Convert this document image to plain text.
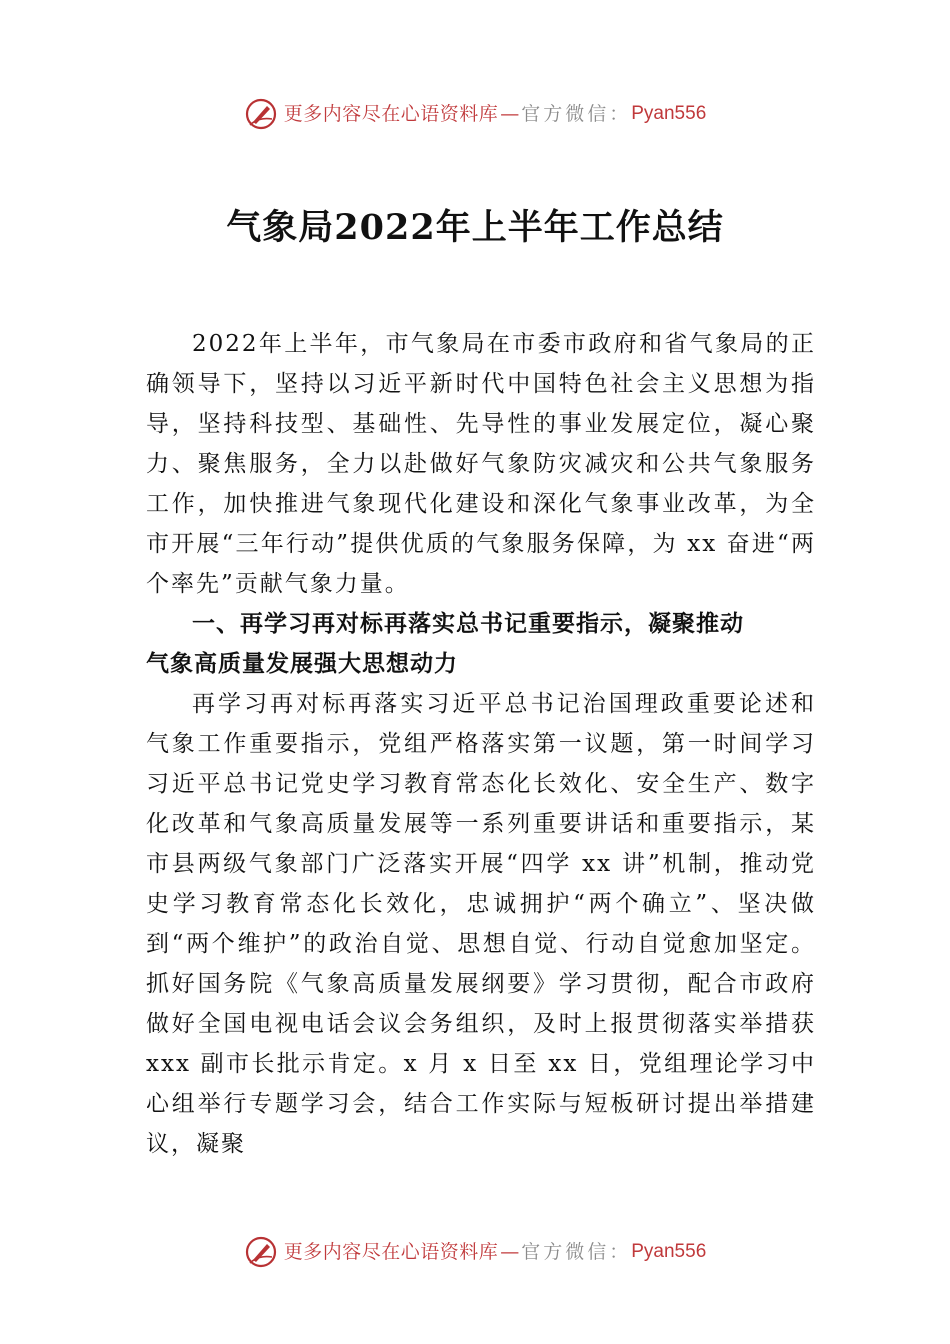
更多内容尽在心语资料库 — 官方微信： Pyan556
气象局2022年上半年工作总结

2022年上半年，市气象局在市委市政府和省气象局的正确领导下，坚持以习近平新时代中国特色社会主义思想为指导，坚持科技型、基础性、先导性的事业发展定位，凝心聚力、聚焦服务，全力以赴做好气象防灾减灾和公共气象服务工作，加快推进气象现代化建设和深化气象事业改革，为全市开展“三年行动”提供优质的气象服务保障，为 xx 奋进“两个率先”贡献气象力量。

一、再学习再对标再落实总书记重要指示，凝聚推动气象高质量发展强大思想动力

再学习再对标再落实习近平总书记治国理政重要论述和气象工作重要指示，党组严格落实第一议题，第一时间学习习近平总书记党史学习教育常态化长效化、安全生产、数字化改革和气象高质量发展等一系列重要讲话和重要指示，某市县两级气象部门广泛落实开展“四学 xx 讲”机制，推动党史学习教育常态化长效化，忠诚拥护“两个确立”、坚决做到“两个维护”的政治自觉、思想自觉、行动自觉愈加坚定。抓好国务院《气象高质量发展纲要》学习贯彻，配合市政府做好全国电视电话会议会务组织，及时上报贯彻落实举措获 xxx 副市长批示肯定。x 月 x 日至 xx 日，党组理论学习中心组举行专题学习会，结合工作实际与短板研讨提出举措建议，凝聚

更多内容尽在心语资料库 — 官方微信： Pyan556
